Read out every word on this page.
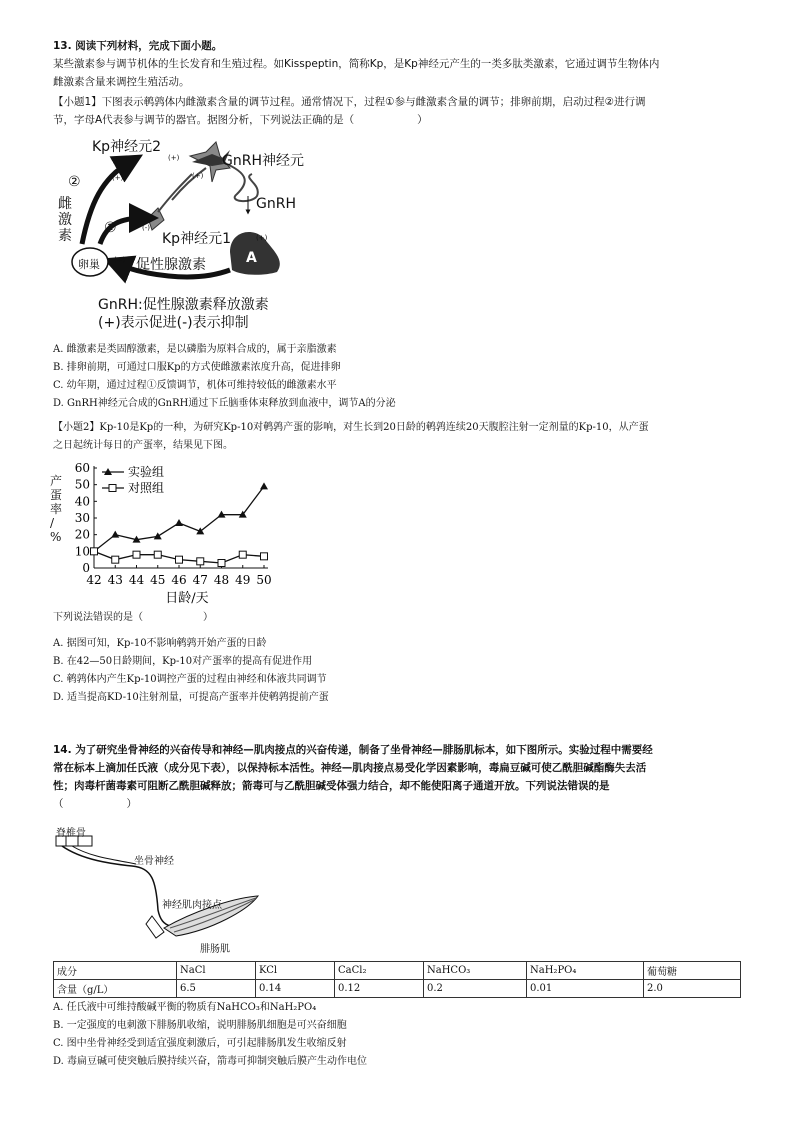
13. 阅读下列材料，完成下面小题。
某些激素参与调节机体的生长发育和生殖过程。如Kisspeptin，简称Kp，是Kp神经元产生的一类多肽类激素，它通过调节生物体内
雌激素含量来调控生殖活动。
【小题1】下图表示鹌鹑体内雌激素含量的调节过程。通常情况下，过程①参与雌激素含量的调节；排卵前期，启动过程②进行调
节，字母A代表参与调节的器官。据图分析，下列说法正确的是（　　　　　　）
Kp神经元2
GnRH神经元
GnRH
Kp神经元1
卵巢	促性腺激素	A
雌
激
素
②
①
(+)
(+)
(+)
(-)
(+)
(+)
GnRH:促性腺激素释放激素
(+)表示促进(-)表示抑制
A. 雌激素是类固醇激素，是以磷脂为原料合成的，属于亲脂激素
B. 排卵前期，可通过口服Kp的方式使雌激素浓度升高，促进排卵
C. 幼年期，通过过程①反馈调节，机体可维持较低的雌激素水平
D. GnRH神经元合成的GnRH通过下丘脑垂体束释放到血液中，调节A的分泌
【小题2】Kp-10是Kp的一种，为研究Kp-10对鹌鹑产蛋的影响，对生长到20日龄的鹌鹑连续20天腹腔注射一定剂量的Kp-10，从产蛋
之日起统计每日的产蛋率，结果见下图。
0
10
20
30
40
50
60
42 43 44 45 46 47 48 49 50
日龄/天
实验组
对照组
产
蛋
率
/
%
下列说法错误的是（　　　　　　）
A. 据图可知，Kp-10不影响鹌鹑开始产蛋的日龄
B. 在42—50日龄期间，Kp-10对产蛋率的提高有促进作用
C. 鹌鹑体内产生Kp-10调控产蛋的过程由神经和体液共同调节
D. 适当提高KD-10注射剂量，可提高产蛋率并使鹌鹑提前产蛋
14. 为了研究坐骨神经的兴奋传导和神经—肌肉接点的兴奋传递，制备了坐骨神经—腓肠肌标本，如下图所示。实验过程中需要经
常在标本上滴加任氏液（成分见下表），以保持标本活性。神经—肌肉接点易受化学因素影响，毒扁豆碱可使乙酰胆碱酯酶失去活
性；肉毒杆菌毒素可阻断乙酰胆碱释放；箭毒可与乙酰胆碱受体强力结合，却不能使阳离子通道开放。下列说法错误的是
（　　　　　　）
脊椎骨
坐骨神经
神经肌肉接点
腓肠肌
成分	NaCl	KCl	CaCl₂	NaHCO₃	NaH₂PO₄	葡萄糖
含量（g/L）	6.5	0.14	0.12	0.2	0.01	2.0
A. 任氏液中可维持酸碱平衡的物质有NaHCO₃和NaH₂PO₄
B. 一定强度的电刺激下腓肠肌收缩，说明腓肠肌细胞是可兴奋细胞
C. 图中坐骨神经受到适宜强度刺激后，可引起腓肠肌发生收缩反射
D. 毒扁豆碱可使突触后膜持续兴奋，箭毒可抑制突触后膜产生动作电位
